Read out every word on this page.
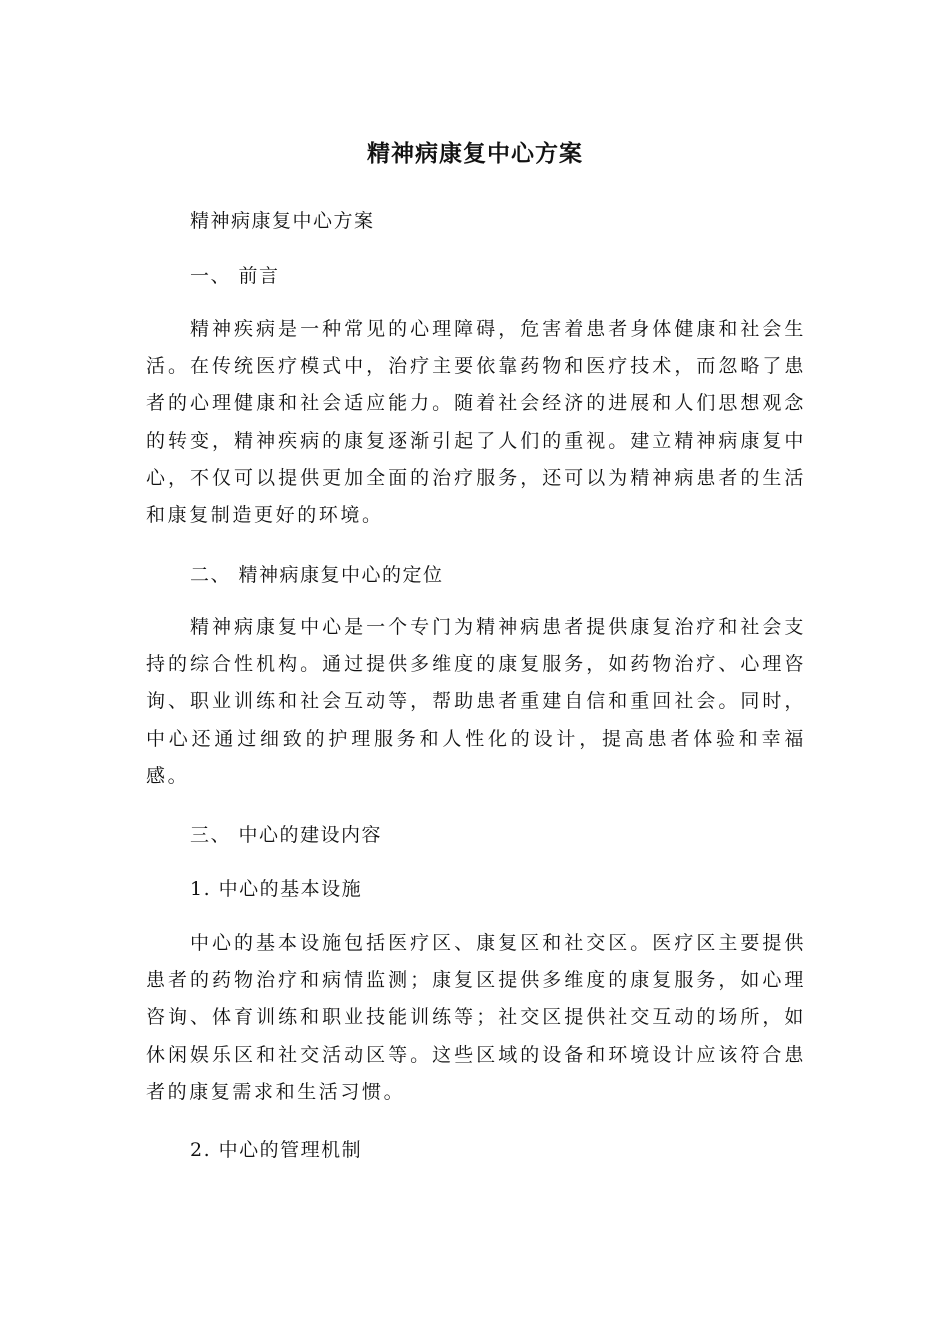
精神病康复中心方案
精神病康复中心方案
一、 前言
精神疾病是一种常见的心理障碍，危害着患者身体健康和社会生活。在传统医疗模式中，治疗主要依靠药物和医疗技术，而忽略了患者的心理健康和社会适应能力。随着社会经济的进展和人们思想观念的转变，精神疾病的康复逐渐引起了人们的重视。建立精神病康复中心，不仅可以提供更加全面的治疗服务，还可以为精神病患者的生活和康复制造更好的环境。
二、 精神病康复中心的定位
精神病康复中心是一个专门为精神病患者提供康复治疗和社会支持的综合性机构。通过提供多维度的康复服务，如药物治疗、心理咨询、职业训练和社会互动等，帮助患者重建自信和重回社会。同时，中心还通过细致的护理服务和人性化的设计，提高患者体验和幸福感。
三、 中心的建设内容
1. 中心的基本设施
中心的基本设施包括医疗区、康复区和社交区。医疗区主要提供患者的药物治疗和病情监测；康复区提供多维度的康复服务，如心理咨询、体育训练和职业技能训练等；社交区提供社交互动的场所，如休闲娱乐区和社交活动区等。这些区域的设备和环境设计应该符合患者的康复需求和生活习惯。
2. 中心的管理机制
